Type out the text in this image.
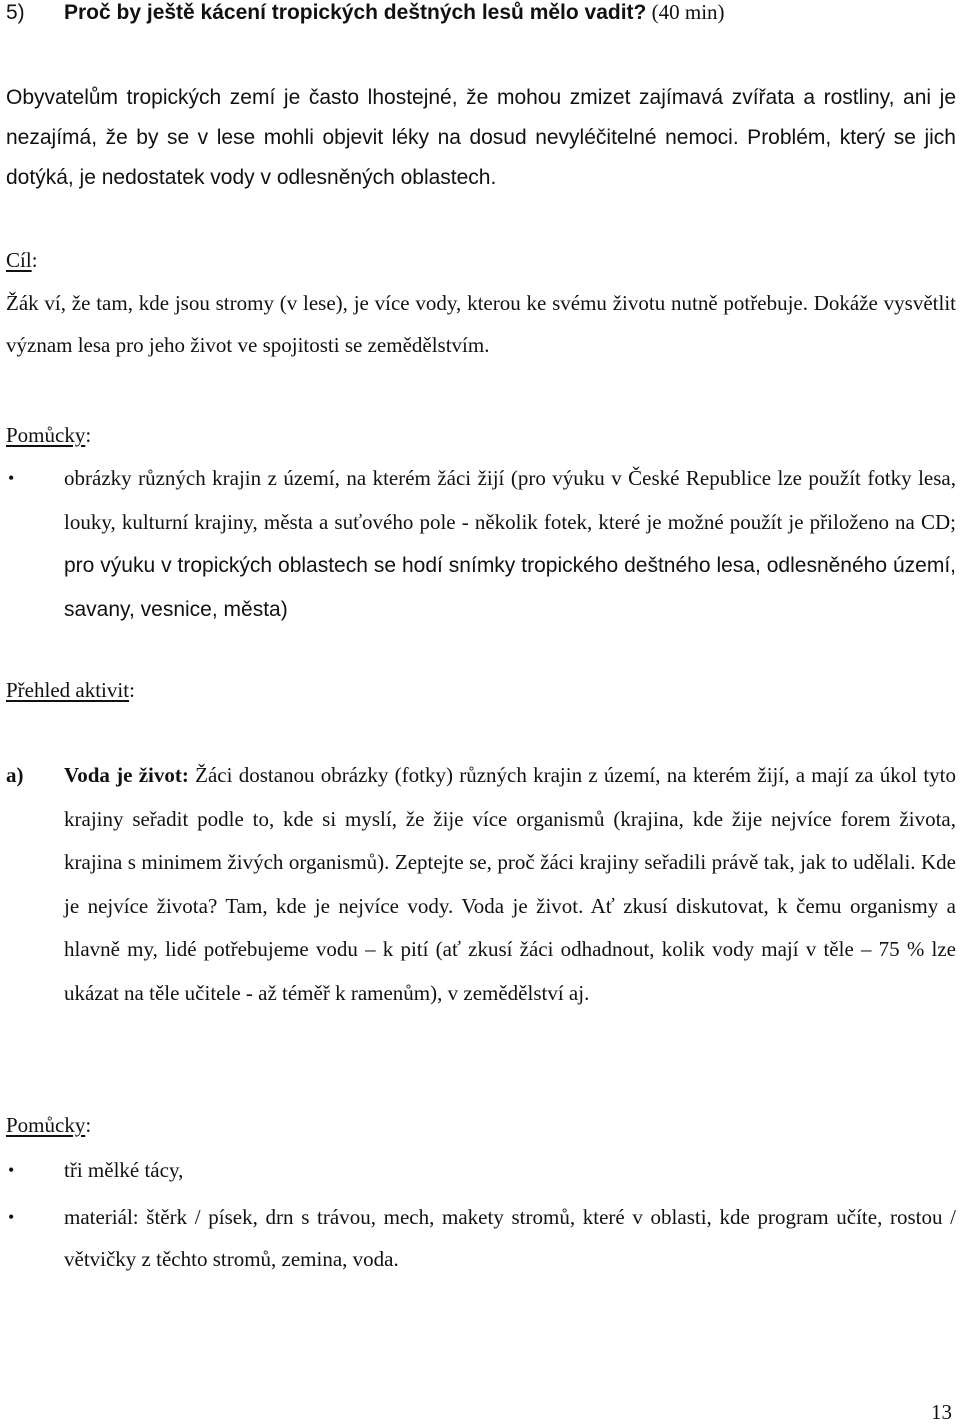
5) Proč by ještě kácení tropických deštných lesů mělo vadit? (40 min)
Obyvatelům tropických zemí je často lhostejné, že mohou zmizet zajímavá zvířata a rostliny, ani je nezajímá, že by se v lese mohli objevit léky na dosud nevyléčitelné nemoci. Problém, který se jich dotýká, je nedostatek vody v odlesněných oblastech.
Cíl:
Žák ví, že tam, kde jsou stromy (v lese), je více vody, kterou ke svému životu nutně potřebuje. Dokáže vysvětlit význam lesa pro jeho život ve spojitosti se zemědělstvím.
Pomůcky:
• obrázky různých krajin z území, na kterém žáci žijí (pro výuku v České Republice lze použít fotky lesa, louky, kulturní krajiny, města a suťového pole - několik fotek, které je možné použít je přiloženo na CD; pro výuku v tropických oblastech se hodí snímky tropického deštného lesa, odlesněného území, savany, vesnice, města)
Přehled aktivit:
a) Voda je život: Žáci dostanou obrázky (fotky) různých krajin z území, na kterém žijí, a mají za úkol tyto krajiny seřadit podle to, kde si myslí, že žije více organismů (krajina, kde žije nejvíce forem života, krajina s minimem živých organismů). Zeptejte se, proč žáci krajiny seřadili právě tak, jak to udělali. Kde je nejvíce života? Tam, kde je nejvíce vody. Voda je život. Ať zkusí diskutovat, k čemu organismy a hlavně my, lidé potřebujeme vodu – k pití (ať zkusí žáci odhadnout, kolik vody mají v těle – 75 % lze ukázat na těle učitele - až téměř k ramenům), v zemědělství aj.
Pomůcky:
• tři mělké tácy,
• materiál: štěrk / písek, drn s trávou, mech, makety stromů, které v oblasti, kde program učíte, rostou / větvičky z těchto stromů, zemina, voda.
13
